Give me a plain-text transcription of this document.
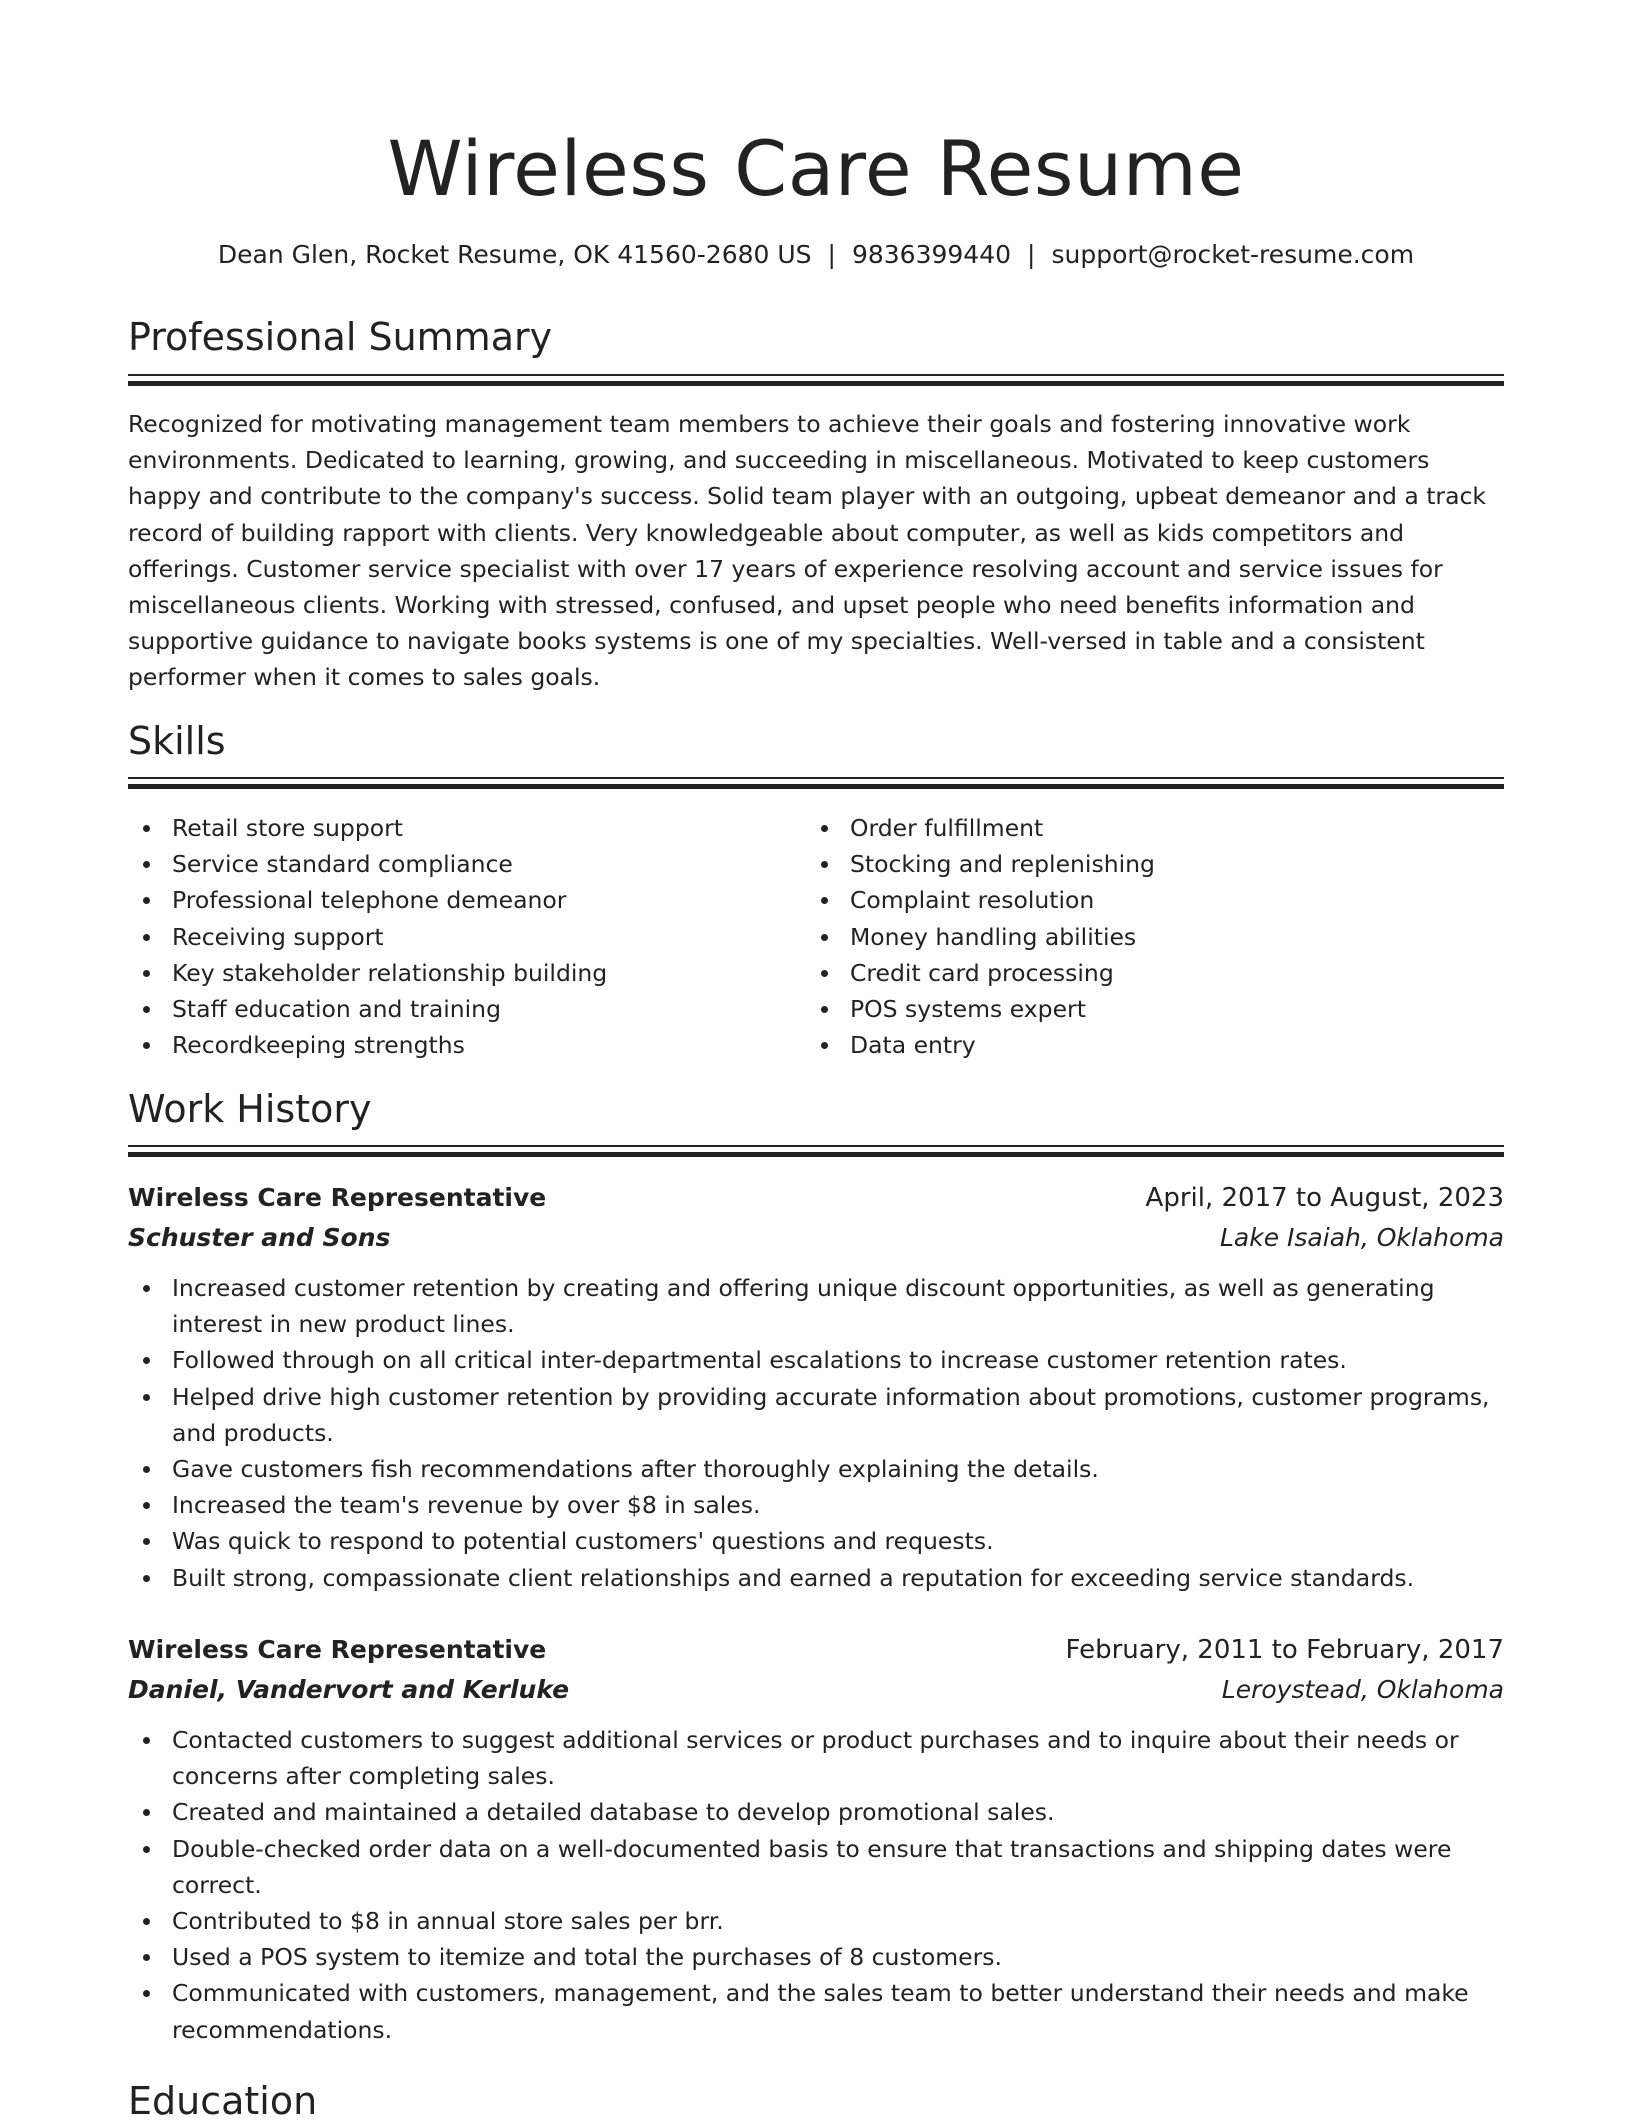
Wireless Care Resume
Dean Glen, Rocket Resume, OK 41560-2680 US | 9836399440 | support@rocket-resume.com
Professional Summary

Recognized for motivating management team members to achieve their goals and fostering innovative work environments. Dedicated to learning, growing, and succeeding in miscellaneous. Motivated to keep customers happy and contribute to the company's success. Solid team player with an outgoing, upbeat demeanor and a track record of building rapport with clients. Very knowledgeable about computer, as well as kids competitors and offerings. Customer service specialist with over 17 years of experience resolving account and service issues for miscellaneous clients. Working with stressed, confused, and upset people who need benefits information and supportive guidance to navigate books systems is one of my specialties. Well-versed in table and a consistent performer when it comes to sales goals.

Skills
Retail store support
Service standard compliance
Professional telephone demeanor
Receiving support
Key stakeholder relationship building
Staff education and training
Recordkeeping strengths
Order fulfillment
Stocking and replenishing
Complaint resolution
Money handling abilities
Credit card processing
POS systems expert
Data entry
Work History
Wireless Care Representative	April, 2017 to August, 2023
Schuster and Sons	Lake Isaiah, Oklahoma
Increased customer retention by creating and offering unique discount opportunities, as well as generating interest in new product lines.
Followed through on all critical inter-departmental escalations to increase customer retention rates.
Helped drive high customer retention by providing accurate information about promotions, customer programs, and products.
Gave customers fish recommendations after thoroughly explaining the details.
Increased the team's revenue by over $8 in sales.
Was quick to respond to potential customers' questions and requests.
Built strong, compassionate client relationships and earned a reputation for exceeding service standards.
Wireless Care Representative	February, 2011 to February, 2017
Daniel, Vandervort and Kerluke	Leroystead, Oklahoma
Contacted customers to suggest additional services or product purchases and to inquire about their needs or concerns after completing sales.
Created and maintained a detailed database to develop promotional sales.
Double-checked order data on a well-documented basis to ensure that transactions and shipping dates were correct.
Contributed to $8 in annual store sales per brr.
Used a POS system to itemize and total the purchases of 8 customers.
Communicated with customers, management, and the sales team to better understand their needs and make recommendations.
Education
